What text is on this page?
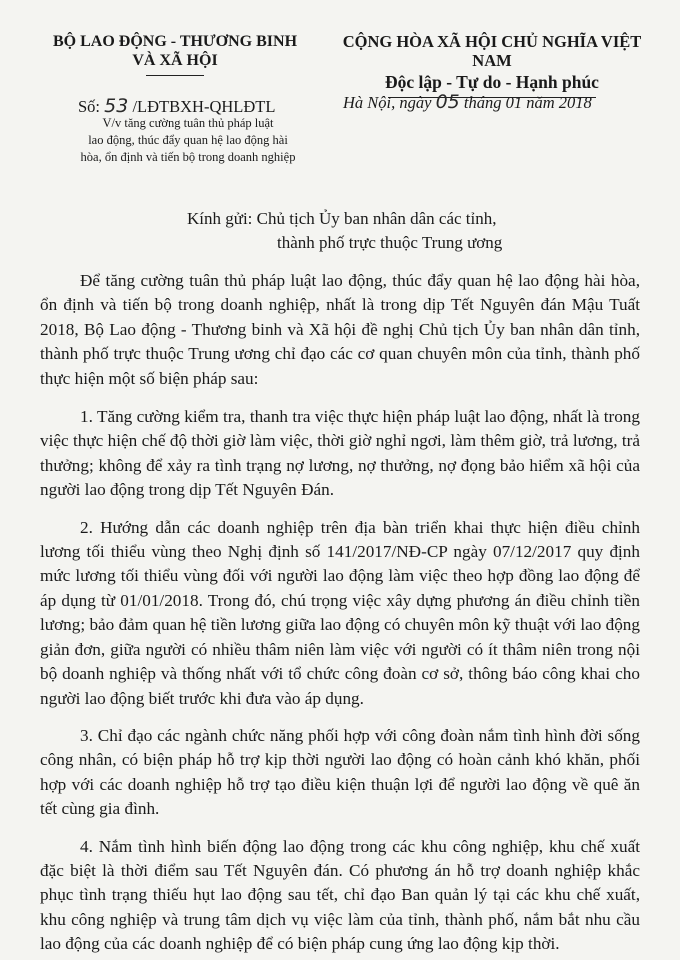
BỘ LAO ĐỘNG - THƯƠNG BINH
VÀ XÃ HỘI
CỘNG HÒA XÃ HỘI CHỦ NGHĨA VIỆT NAM
Độc lập - Tự do - Hạnh phúc
Số: 53 /LĐTBXH-QHLĐTL
V/v tăng cường tuân thủ pháp luật
lao động, thúc đẩy quan hệ lao động hài
hòa, ổn định và tiến bộ trong doanh nghiệp
Hà Nội, ngày 05 tháng 01 năm 2018
Kính gửi: Chủ tịch Ủy ban nhân dân các tỉnh,
thành phố trực thuộc Trung ương

Để tăng cường tuân thủ pháp luật lao động, thúc đẩy quan hệ lao động hài hòa, ổn định và tiến bộ trong doanh nghiệp, nhất là trong dịp Tết Nguyên đán Mậu Tuất 2018, Bộ Lao động - Thương binh và Xã hội đề nghị Chủ tịch Ủy ban nhân dân tỉnh, thành phố trực thuộc Trung ương chỉ đạo các cơ quan chuyên môn của tỉnh, thành phố thực hiện một số biện pháp sau:

1. Tăng cường kiểm tra, thanh tra việc thực hiện pháp luật lao động, nhất là trong việc thực hiện chế độ thời giờ làm việc, thời giờ nghỉ ngơi, làm thêm giờ, trả lương, trả thưởng; không để xảy ra tình trạng nợ lương, nợ thưởng, nợ đọng bảo hiểm xã hội của người lao động trong dịp Tết Nguyên Đán.

2. Hướng dẫn các doanh nghiệp trên địa bàn triển khai thực hiện điều chỉnh lương tối thiểu vùng theo Nghị định số 141/2017/NĐ-CP ngày 07/12/2017 quy định mức lương tối thiểu vùng đối với người lao động làm việc theo hợp đồng lao động để áp dụng từ 01/01/2018. Trong đó, chú trọng việc xây dựng phương án điều chỉnh tiền lương; bảo đảm quan hệ tiền lương giữa lao động có chuyên môn kỹ thuật với lao động giản đơn, giữa người có nhiều thâm niên làm việc với người có ít thâm niên trong nội bộ doanh nghiệp và thống nhất với tổ chức công đoàn cơ sở, thông báo công khai cho người lao động biết trước khi đưa vào áp dụng.

3. Chỉ đạo các ngành chức năng phối hợp với công đoàn nắm tình hình đời sống công nhân, có biện pháp hỗ trợ kịp thời người lao động có hoàn cảnh khó khăn, phối hợp với các doanh nghiệp hỗ trợ tạo điều kiện thuận lợi để người lao động về quê ăn tết cùng gia đình.

4. Nắm tình hình biến động lao động trong các khu công nghiệp, khu chế xuất đặc biệt là thời điểm sau Tết Nguyên đán. Có phương án hỗ trợ doanh nghiệp khắc phục tình trạng thiếu hụt lao động sau tết, chỉ đạo Ban quản lý tại các khu chế xuất, khu công nghiệp và trung tâm dịch vụ việc làm của tỉnh, thành phố, nắm bắt nhu cầu lao động của các doanh nghiệp để có biện pháp cung ứng lao động kịp thời.
